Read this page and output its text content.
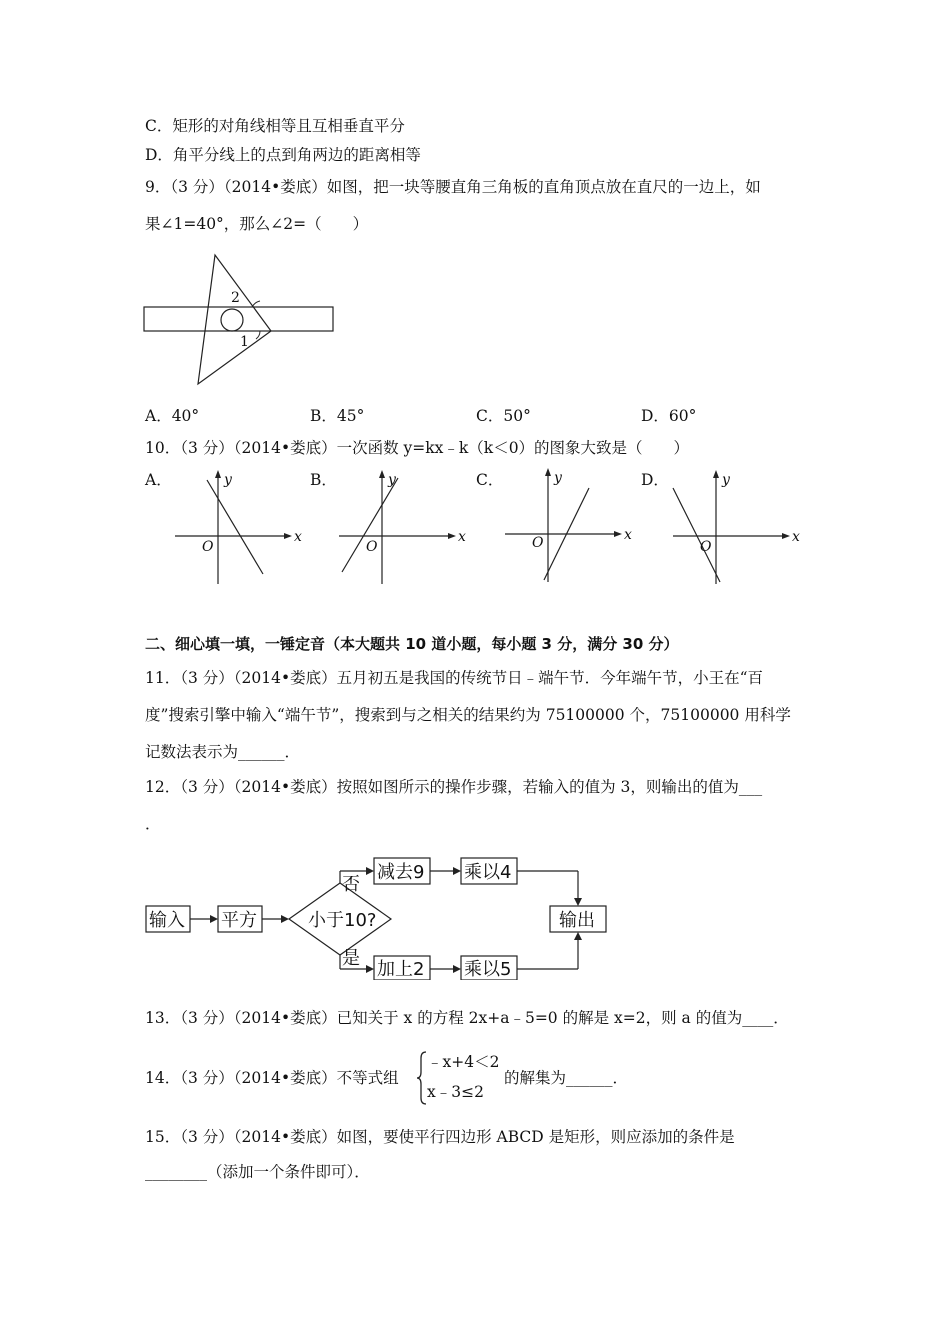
C．矩形的对角线相等且互相垂直平分
D．角平分线上的点到角两边的距离相等
9．（3 分）（2014•娄底）如图，把一块等腰直角三角板的直角顶点放在直尺的一边上，如
果∠1=40°，那么∠2=（　　）
2
1
A．40°	B．45°	C．50°	D．60°
10．（3 分）（2014•娄底）一次函数 y=kx﹣k（k＜0）的图象大致是（　　）
A．	B．	C．	D．
x
y
O
x
y
O
x
y
O	x
y
O
二、细心填一填，一锤定音（本大题共 10 道小题，每小题 3 分，满分 30 分）
11．（3 分）（2014•娄底）五月初五是我国的传统节日﹣端午节．今年端午节，小王在“百
度”搜索引擎中输入“端午节”，搜索到与之相关的结果约为 75100000 个，75100000 用科学
记数法表示为______．
12．（3 分）（2014•娄底）按照如图所示的操作步骤，若输入的值为 3，则输出的值为___
．
输入 平方	小于10?
否
减去9 乘以4
输出
是
加上2 乘以5
13．（3 分）（2014•娄底）已知关于 x 的方程 2x+a﹣5=0 的解是 x=2，则 a 的值为____．
14．（3 分）（2014•娄底）不等式组
﹣x+4＜2
x﹣3≤2
的解集为______．
15．（3 分）（2014•娄底）如图，要使平行四边形 ABCD 是矩形，则应添加的条件是
________（添加一个条件即可）．
